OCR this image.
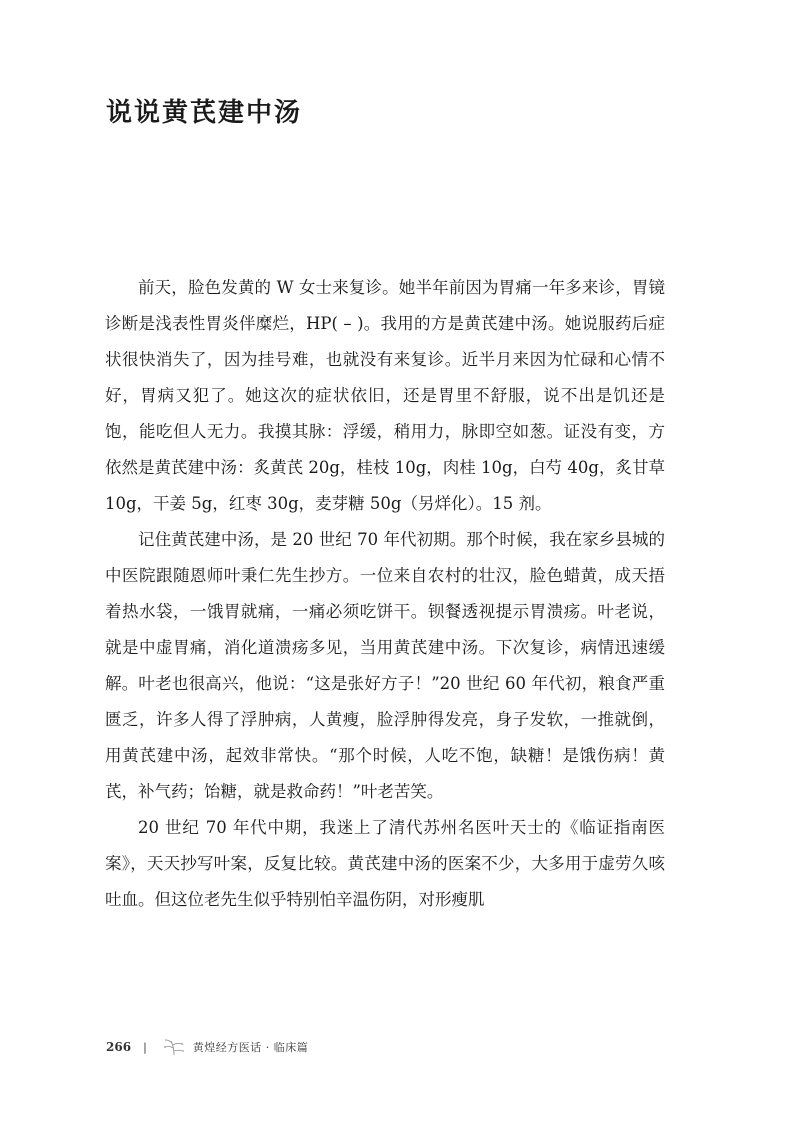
说说黄芪建中汤

前天，脸色发黄的 W 女士来复诊。她半年前因为胃痛一年多来诊，胃镜诊断是浅表性胃炎伴糜烂，HP( – )。我用的方是黄芪建中汤。她说服药后症状很快消失了，因为挂号难，也就没有来复诊。近半月来因为忙碌和心情不好，胃病又犯了。她这次的症状依旧，还是胃里不舒服，说不出是饥还是饱，能吃但人无力。我摸其脉：浮缓，稍用力，脉即空如葱。证没有变，方依然是黄芪建中汤：炙黄芪 20g，桂枝 10g，肉桂 10g，白芍 40g，炙甘草 10g，干姜 5g，红枣 30g，麦芽糖 50g（另烊化）。15 剂。

记住黄芪建中汤，是 20 世纪 70 年代初期。那个时候，我在家乡县城的中医院跟随恩师叶秉仁先生抄方。一位来自农村的壮汉，脸色蜡黄，成天捂着热水袋，一饿胃就痛，一痛必须吃饼干。钡餐透视提示胃溃疡。叶老说，就是中虚胃痛，消化道溃疡多见，当用黄芪建中汤。下次复诊，病情迅速缓解。叶老也很高兴，他说：“这是张好方子！”20 世纪 60 年代初，粮食严重匮乏，许多人得了浮肿病，人黄瘦，脸浮肿得发亮，身子发软，一推就倒，用黄芪建中汤，起效非常快。“那个时候，人吃不饱，缺糖！是饿伤病！黄芪，补气药；饴糖，就是救命药！”叶老苦笑。

20 世纪 70 年代中期，我迷上了清代苏州名医叶天士的《临证指南医案》，天天抄写叶案，反复比较。黄芪建中汤的医案不少，大多用于虚劳久咳吐血。但这位老先生似乎特别怕辛温伤阴，对形瘦肌

266 |	黄煌经方医话 · 临床篇
